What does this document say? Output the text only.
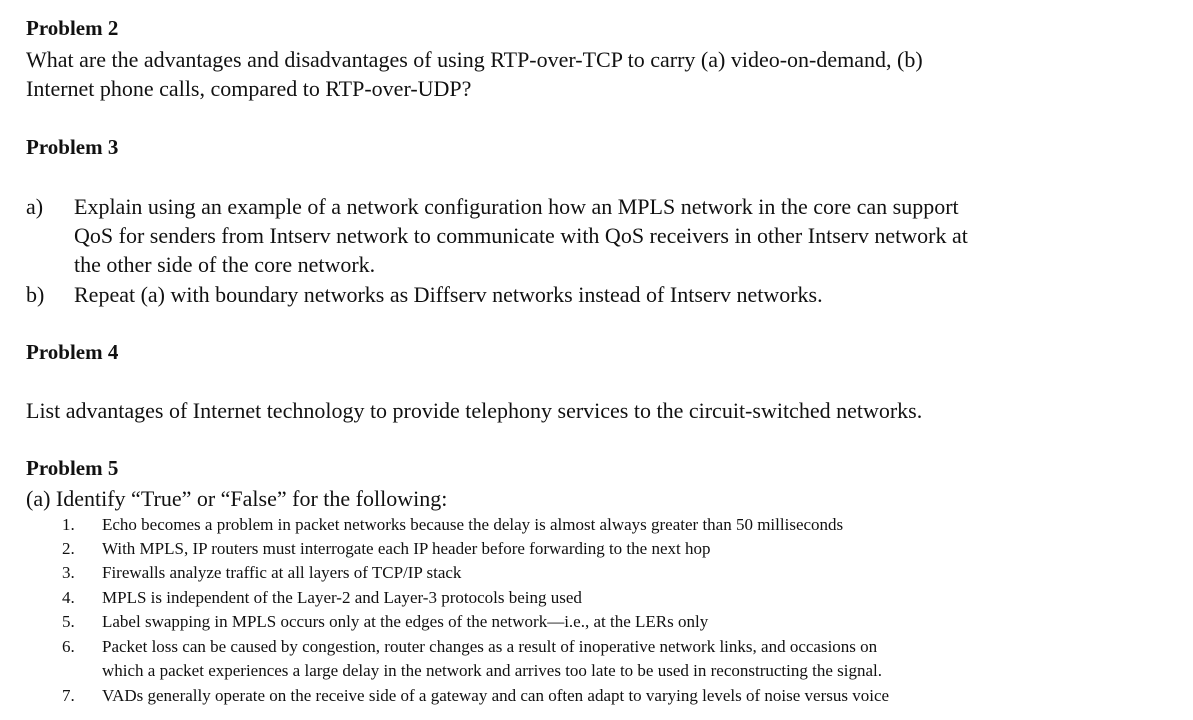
Problem 2
What are the advantages and disadvantages of using RTP-over-TCP to carry (a) video-on-demand, (b)
Internet phone calls, compared to RTP-over-UDP?
Problem 3
a) Explain using an example of a network configuration how an MPLS network in the core can support
QoS for senders from Intserv network to communicate with QoS receivers in other Intserv network at
the other side of the core network.
b) Repeat (a) with boundary networks as Diffserv networks instead of Intserv networks.
Problem 4
List advantages of Internet technology to provide telephony services to the circuit-switched networks.
Problem 5
(a) Identify “True” or “False” for the following:
1. Echo becomes a problem in packet networks because the delay is almost always greater than 50 milliseconds
2. With MPLS, IP routers must interrogate each IP header before forwarding to the next hop
3. Firewalls analyze traffic at all layers of TCP/IP stack
4. MPLS is independent of the Layer-2 and Layer-3 protocols being used
5. Label swapping in MPLS occurs only at the edges of the network—i.e., at the LERs only
6. Packet loss can be caused by congestion, router changes as a result of inoperative network links, and occasions on
which a packet experiences a large delay in the network and arrives too late to be used in reconstructing the signal.
7. VADs generally operate on the receive side of a gateway and can often adapt to varying levels of noise versus voice
